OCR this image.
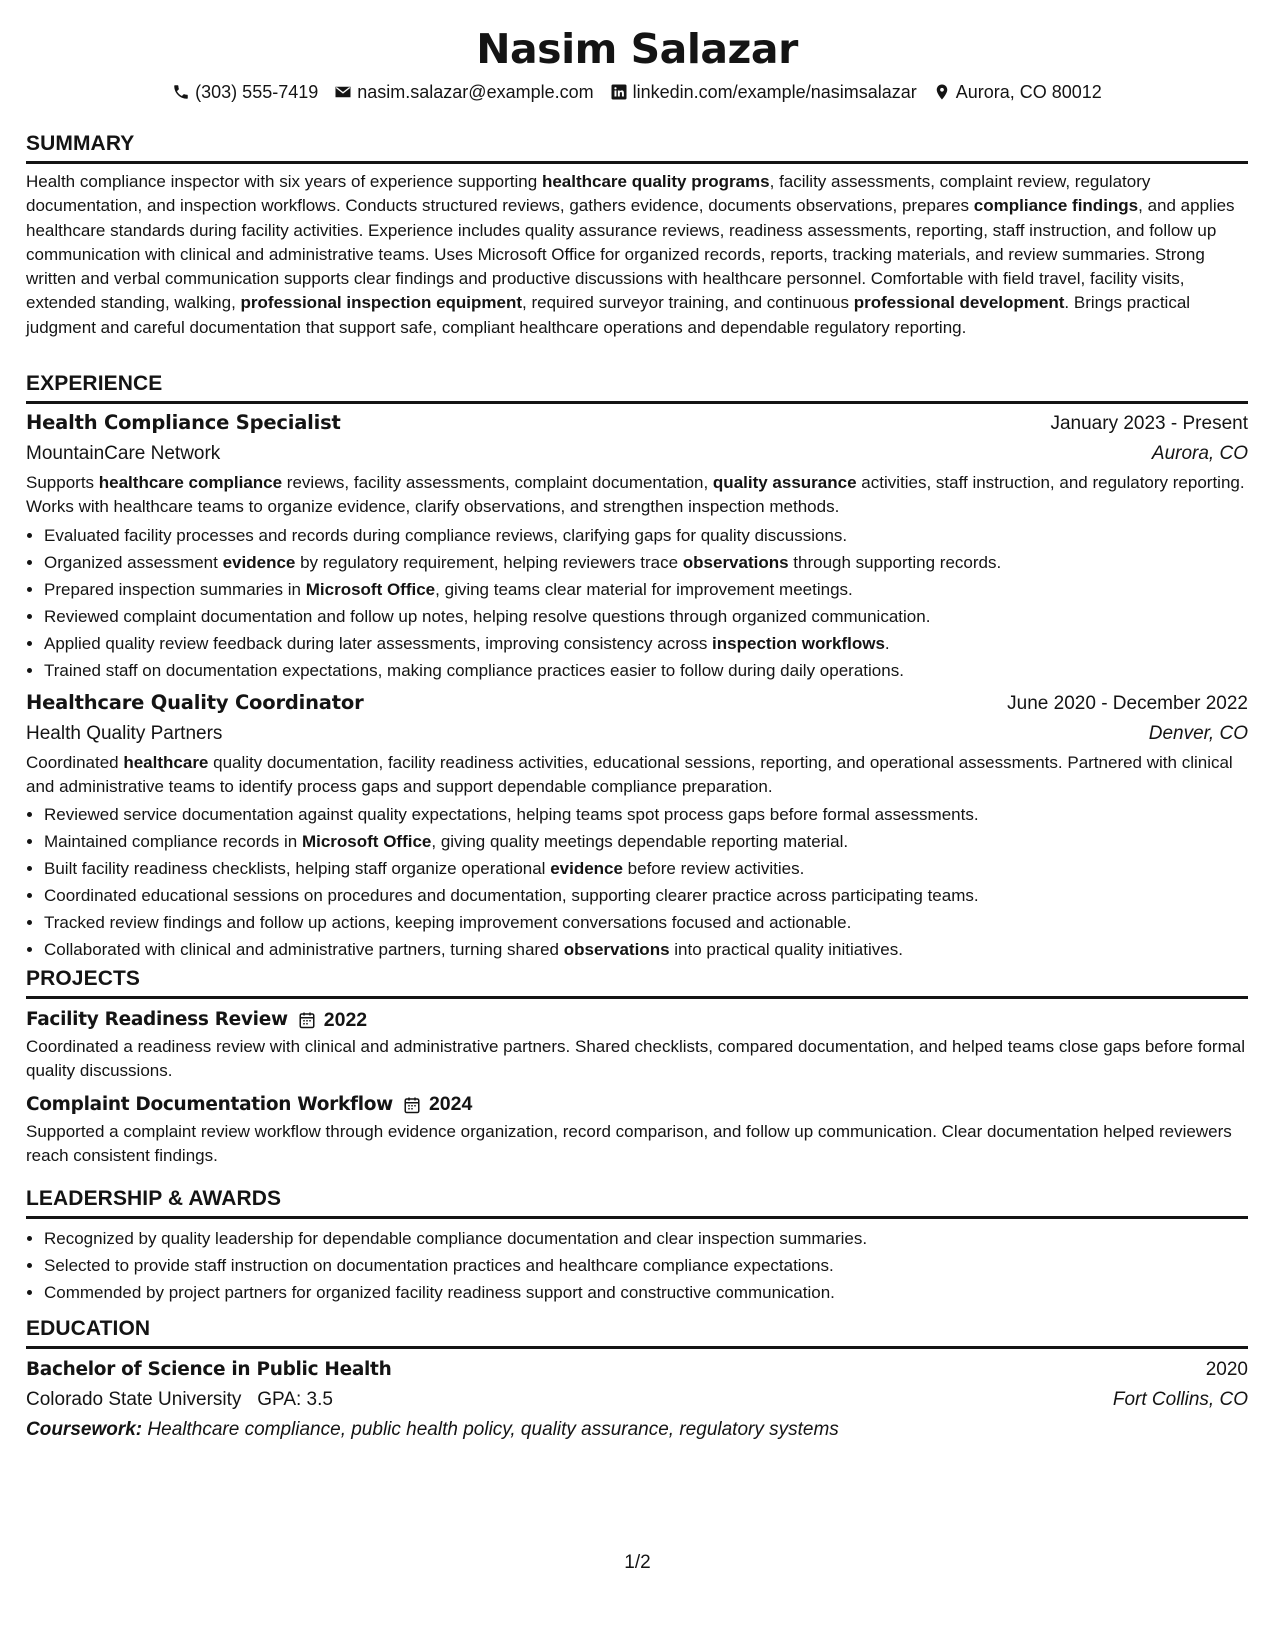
Nasim Salazar
(303) 555-7419 nasim.salazar@example.com linkedin.com/example/nasimsalazar Aurora, CO 80012
SUMMARY
Health compliance inspector with six years of experience supporting healthcare quality programs, facility assessments, complaint review, regulatory documentation, and inspection workflows. Conducts structured reviews, gathers evidence, documents observations, prepares compliance findings, and applies healthcare standards during facility activities. Experience includes quality assurance reviews, readiness assessments, reporting, staff instruction, and follow up communication with clinical and administrative teams. Uses Microsoft Office for organized records, reports, tracking materials, and review summaries. Strong written and verbal communication supports clear findings and productive discussions with healthcare personnel. Comfortable with field travel, facility visits, extended standing, walking, professional inspection equipment, required surveyor training, and continuous professional development. Brings practical judgment and careful documentation that support safe, compliant healthcare operations and dependable regulatory reporting.
EXPERIENCE
Health Compliance Specialist	January 2023 - Present
MountainCare Network	Aurora, CO
Supports healthcare compliance reviews, facility assessments, complaint documentation, quality assurance activities, staff instruction, and regulatory reporting. Works with healthcare teams to organize evidence, clarify observations, and strengthen inspection methods.
• Evaluated facility processes and records during compliance reviews, clarifying gaps for quality discussions.
• Organized assessment evidence by regulatory requirement, helping reviewers trace observations through supporting records.
• Prepared inspection summaries in Microsoft Office, giving teams clear material for improvement meetings.
• Reviewed complaint documentation and follow up notes, helping resolve questions through organized communication.
• Applied quality review feedback during later assessments, improving consistency across inspection workflows.
• Trained staff on documentation expectations, making compliance practices easier to follow during daily operations.
Healthcare Quality Coordinator	June 2020 - December 2022
Health Quality Partners	Denver, CO
Coordinated healthcare quality documentation, facility readiness activities, educational sessions, reporting, and operational assessments. Partnered with clinical and administrative teams to identify process gaps and support dependable compliance preparation.
• Reviewed service documentation against quality expectations, helping teams spot process gaps before formal assessments.
• Maintained compliance records in Microsoft Office, giving quality meetings dependable reporting material.
• Built facility readiness checklists, helping staff organize operational evidence before review activities.
• Coordinated educational sessions on procedures and documentation, supporting clearer practice across participating teams.
• Tracked review findings and follow up actions, keeping improvement conversations focused and actionable.
• Collaborated with clinical and administrative partners, turning shared observations into practical quality initiatives.
PROJECTS
Facility Readiness Review 2022
Coordinated a readiness review with clinical and administrative partners. Shared checklists, compared documentation, and helped teams close gaps before formal quality discussions.
Complaint Documentation Workflow 2024
Supported a complaint review workflow through evidence organization, record comparison, and follow up communication. Clear documentation helped reviewers reach consistent findings.
LEADERSHIP & AWARDS
• Recognized by quality leadership for dependable compliance documentation and clear inspection summaries.
• Selected to provide staff instruction on documentation practices and healthcare compliance expectations.
• Commended by project partners for organized facility readiness support and constructive communication.
EDUCATION
Bachelor of Science in Public Health	2020
Colorado State University GPA: 3.5	Fort Collins, CO
Coursework: Healthcare compliance, public health policy, quality assurance, regulatory systems
1/2
